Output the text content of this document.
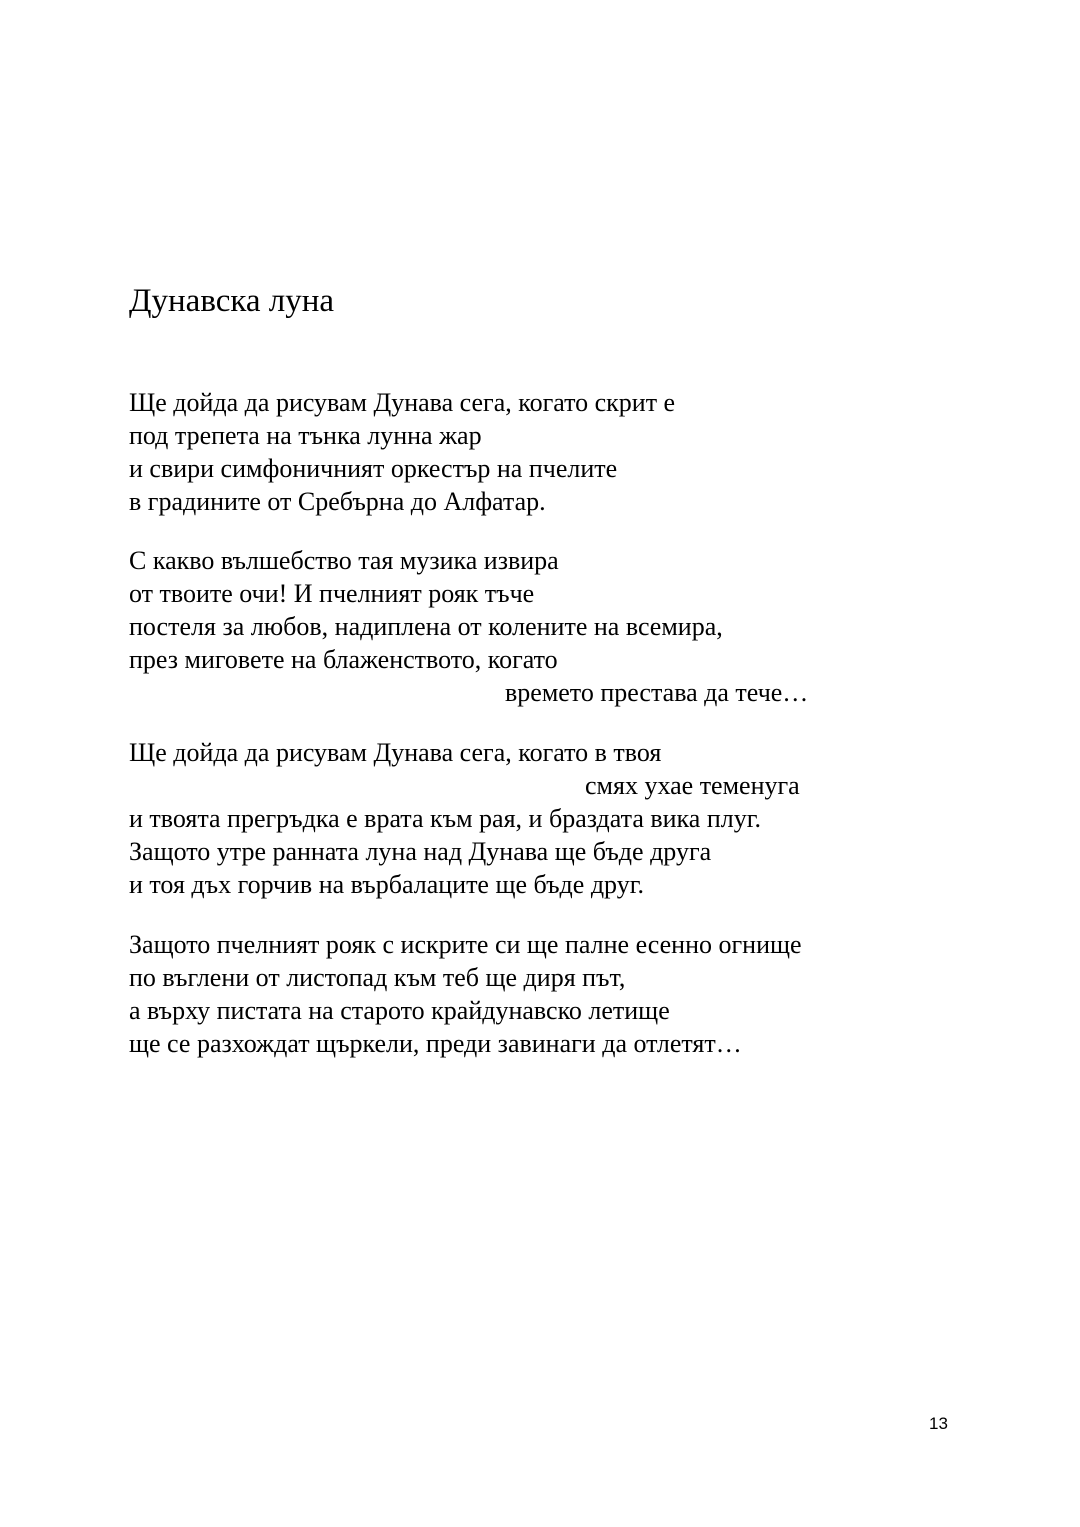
Дунавска луна
Ще дойда да рисувам Дунава сега, когато скрит е
под трепета на тънка лунна жар
и свири симфоничният оркестър на пчелите
в градините от Сребърна до Алфатар.
С какво вълшебство тая музика извира
от твоите очи! И пчелният рояк тъче
постеля за любов, надиплена от колените на всемира,
през миговете на блаженството, когато
времето престава да тече…
Ще дойда да рисувам Дунава сега, когато в твоя
смях ухае теменуга
и твоята прегръдка е врата към рая, и браздата вика плуг.
Защото утре ранната луна над Дунава ще бъде друга
и тоя дъх горчив на върбалаците ще бъде друг.
Защото пчелният рояк с искрите си ще палне есенно огнище
по въглени от листопад към теб ще диря път,
а върху пистата на старото крайдунавско летище
ще се разхождат щъркели, преди завинаги да отлетят…
13
